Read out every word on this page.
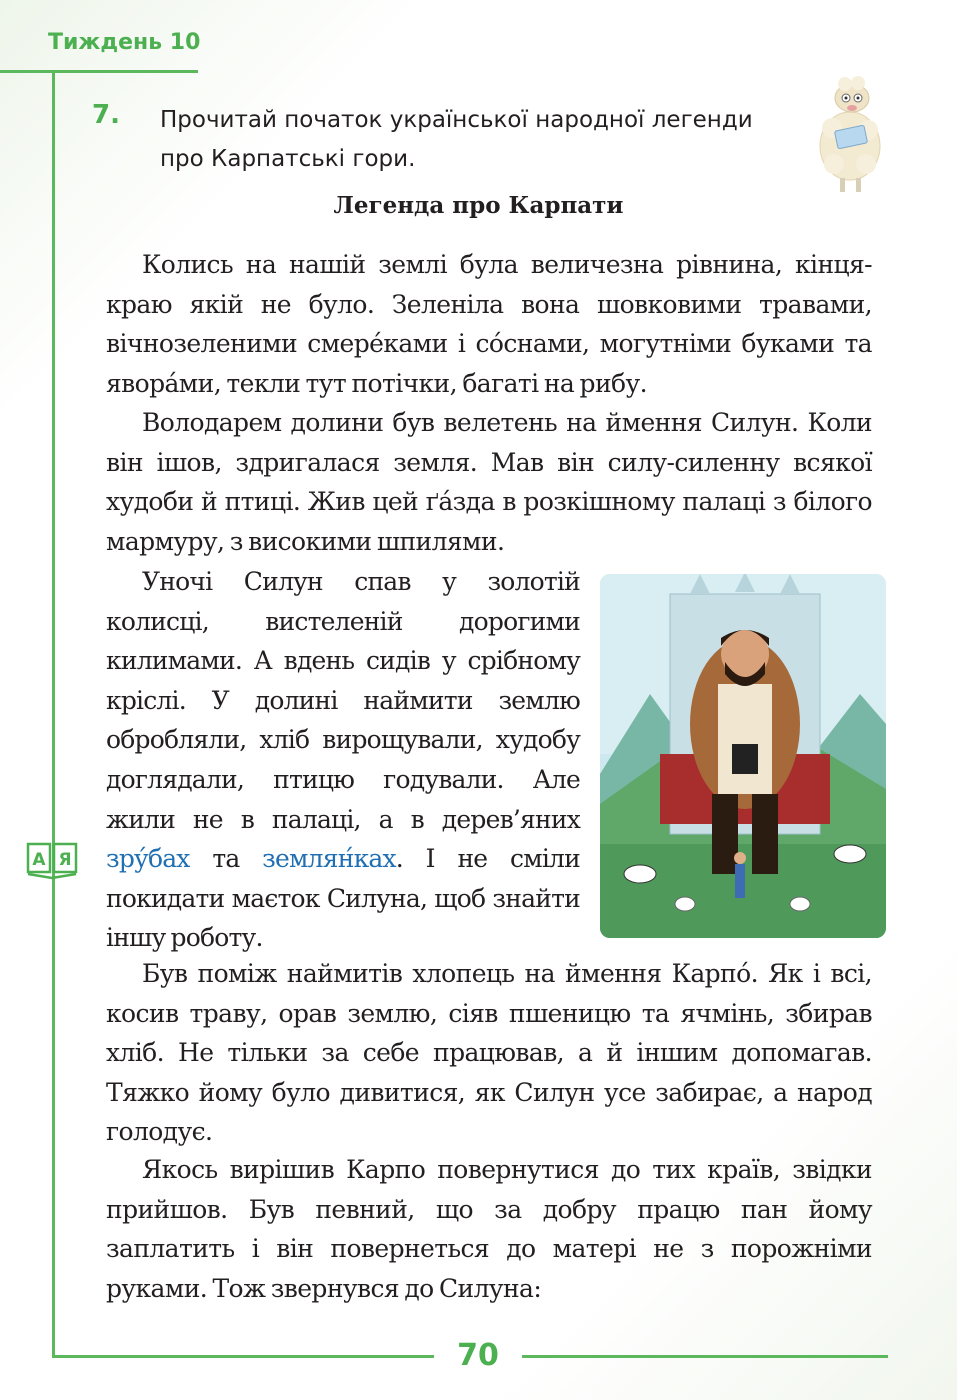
Тиждень 10
7. Прочитай початок української народної легенди про Карпатські гори.
Легенда про Карпати

Колись на нашій землі була величезна рівнина, кінця-краю якій не було. Зеленіла вона шовковими травами, вічнозеленими смере́ками і со́снами, могутніми буками та явора́ми, текли тут потічки, багаті на рибу.

Володарем долини був велетень на ймення Силун. Коли він ішов, здригалася земля. Мав він силу-силенну всякої худоби й птиці. Жив цей ґа́зда в розкішному палаці з білого мармуру, з високими шпилями.

Уночі Силун спав у золотій колисці, вистеленій дорогими килимами. А вдень сидів у срібному кріслі. У долині наймити землю обробляли, хліб вирощували, худобу доглядали, птицю годували. Але жили не в палаці, а в дерев’яних зру́бах та землян́ках. І не сміли покидати маєток Силуна, щоб знайти іншу роботу.

Був поміж наймитів хлопець на ймення Карпо́. Як і всі, косив траву, орав землю, сіяв пшеницю та ячмінь, збирав хліб. Не тільки за себе працював, а й іншим допомагав. Тяжко йому було дивитися, як Силун усе забирає, а народ голодує.

Якось вирішив Карпо повернутися до тих країв, звідки прийшов. Був певний, що за добру працю пан йому заплатить і він повернеться до матері не з порожніми руками. Тож звернувся до Силуна:

А Я
70
